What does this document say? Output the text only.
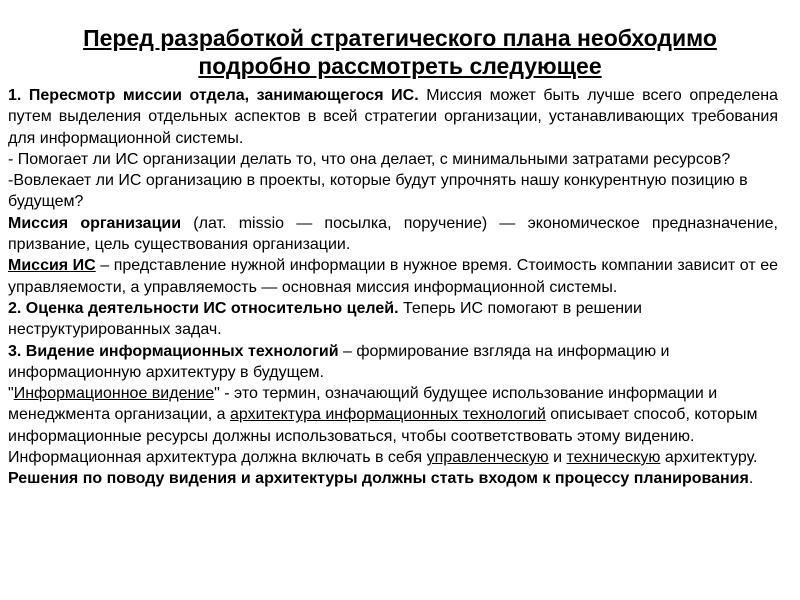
Перед разработкой стратегического плана необходимо
подробно рассмотреть следующее

1. Пересмотр миссии отдела, занимающегося ИС. Миссия может быть лучше всего определена путем выделения отдельных аспектов в всей стратегии организации, устанавливающих требования для информационной системы.

- Помогает ли ИС организации делать то, что она делает, с минимальными затратами ресурсов?

-Вовлекает ли ИС организацию в проекты, которые будут упрочнять нашу конкурентную позицию в будущем?

Миссия организации (лат. missio — посылка, поручение) — экономическое предназначение, призвание, цель существования организации.

Миссия ИС – представление нужной информации в нужное время. Стоимость компании зависит от ее управляемости, а управляемость — основная миссия информационной системы.

2. Оценка деятельности ИС относительно целей. Теперь ИС помогают в решении неструктурированных задач.

3. Видение информационных технологий – формирование взгляда на информацию и информационную архитектуру в будущем.

"Информационное видение" - это термин, означающий будущее использование информации и менеджмента организации, а архитектура информационных технологий описывает способ, которым информационные ресурсы должны использоваться, чтобы соответствовать этому видению.

Информационная архитектура должна включать в себя управленческую и техническую архитектуру.

Решения по поводу видения и архитектуры должны стать входом к процессу планирования.
